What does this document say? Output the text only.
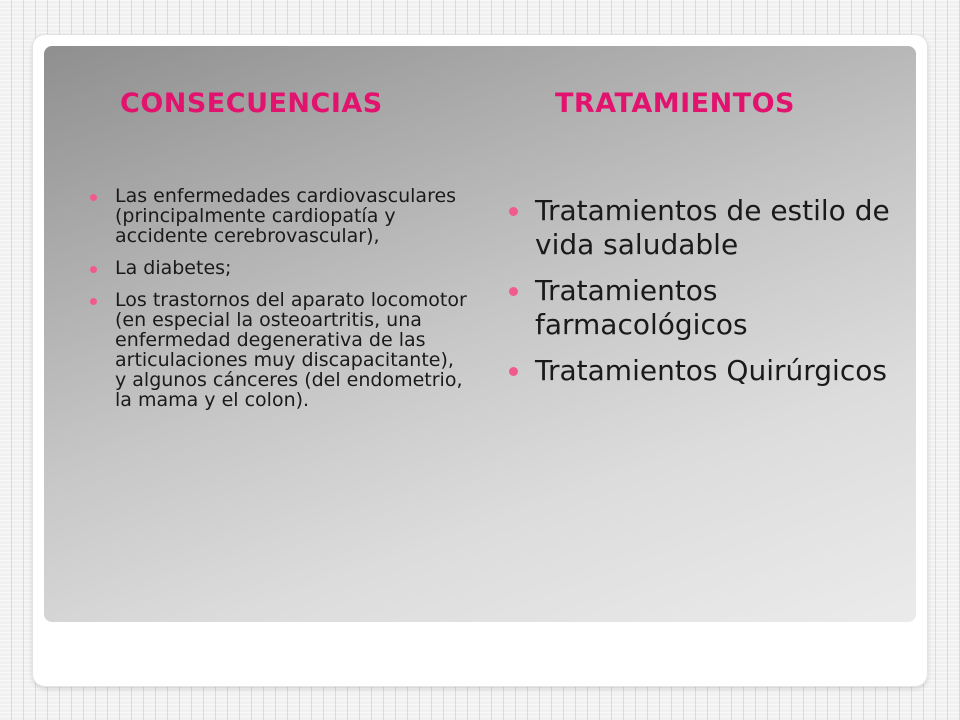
CONSECUENCIAS	TRATAMIENTOS
Las enfermedades cardiovasculares (principalmente cardiopatía y accidente cerebrovascular),
La diabetes;
Los trastornos del aparato locomotor (en especial la osteoartritis, una enfermedad degenerativa de las articulaciones muy discapacitante), y algunos cánceres (del endometrio, la mama y el colon).
Tratamientos de estilo de vida saludable
Tratamientos farmacológicos
Tratamientos Quirúrgicos
